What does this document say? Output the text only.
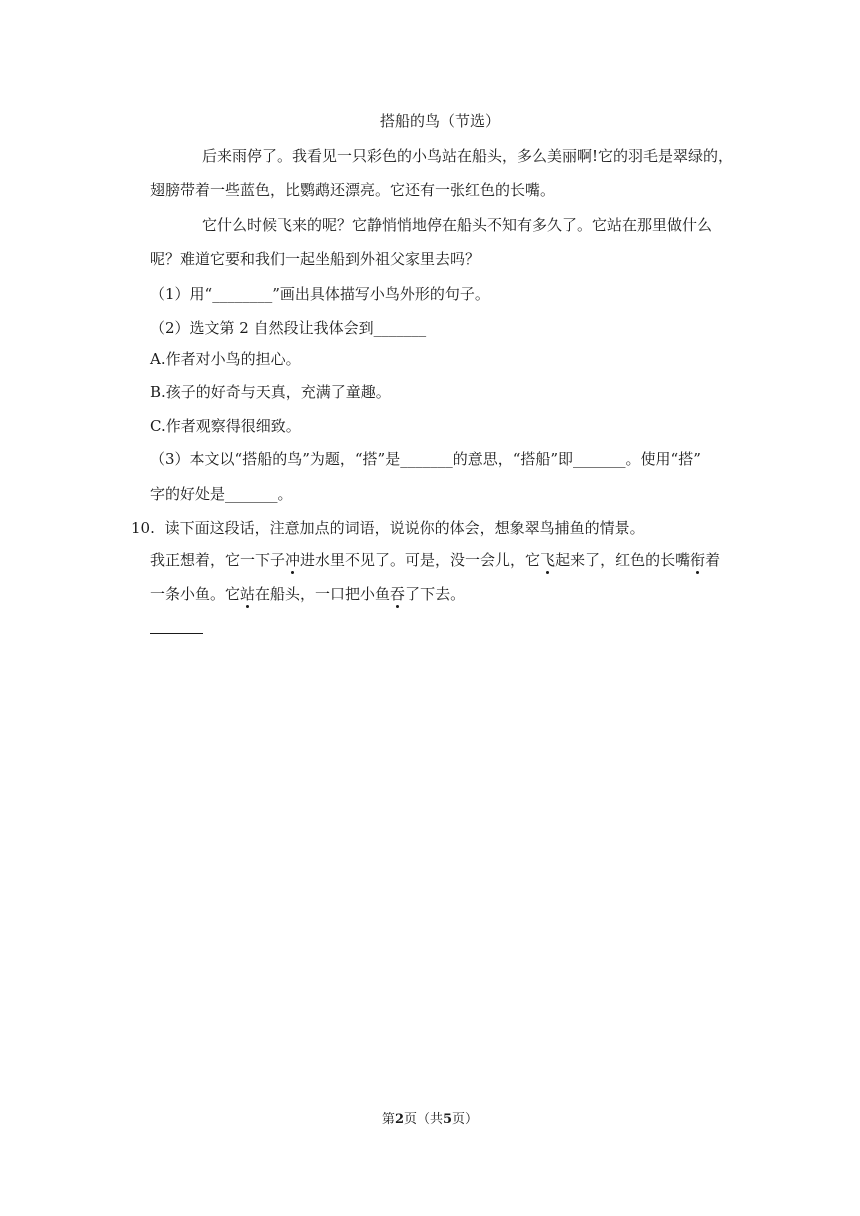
搭船的鸟（节选）
后来雨停了。我看见一只彩色的小鸟站在船头，多么美丽啊!它的羽毛是翠绿的，
翅膀带着一些蓝色，比鹦鹉还漂亮。它还有一张红色的长嘴。
它什么时候飞来的呢？它静悄悄地停在船头不知有多久了。它站在那里做什么
呢？难道它要和我们一起坐船到外祖父家里去吗？
（1）用“________”画出具体描写小鸟外形的句子。
（2）选文第 2 自然段让我体会到_______
A.作者对小鸟的担心。
B.孩子的好奇与天真，充满了童趣。
C.作者观察得很细致。
（3）本文以“搭船的鸟”为题，“搭”是_______的意思，“搭船”即_______。使用“搭”
字的好处是_______。
10. 读下面这段话，注意加点的词语，说说你的体会，想象翠鸟捕鱼的情景。
我正想着，它一下子冲进水里不见了。可是，没一会儿，它飞起来了，红色的长嘴衔着
一条小鱼。它站在船头，一口把小鱼吞了下去。
第2页（共5页）
